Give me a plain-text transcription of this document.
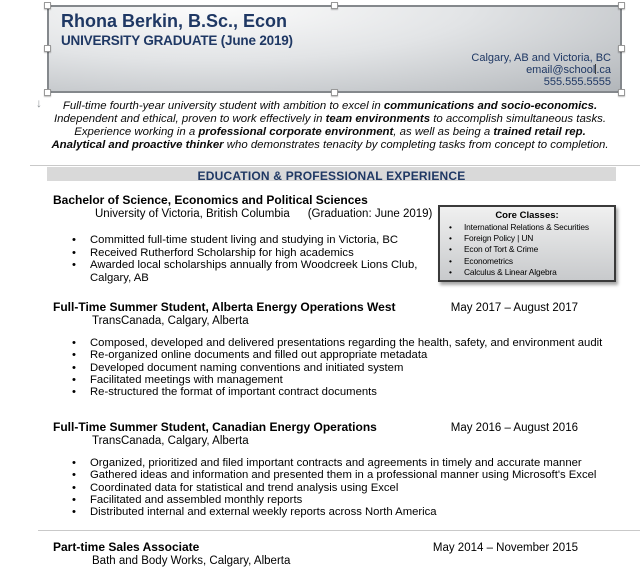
Rhona Berkin, B.Sc., Econ
UNIVERSITY GRADUATE (June 2019)
Calgary, AB and Victoria, BC
email@school.ca
555.555.5555
↓	Full-time fourth-year university student with ambition to excel in communications and socio-economics.
Independent and ethical, proven to work effectively in team environments to accomplish simultaneous tasks.
Experience working in a professional corporate environment, as well as being a trained retail rep.
Analytical and proactive thinker who demonstrates tenacity by completing tasks from concept to completion.
EDUCATION & PROFESSIONAL EXPERIENCE
Bachelor of Science, Economics and Political Sciences
University of Victoria, British Columbia (Graduation: June 2019)
• Committed full-time student living and studying in Victoria, BC
• Received Rutherford Scholarship for high academics
• Awarded local scholarships annually from Woodcreek Lions Club, Calgary, AB
Core Classes:
• International Relations & Securities
• Foreign Policy | UN
• Econ of Tort & Crime
• Econometrics
• Calculus & Linear Algebra
Full-Time Summer Student, Alberta Energy Operations West	May 2017 – August 2017
TransCanada, Calgary, Alberta
• Composed, developed and delivered presentations regarding the health, safety, and environment audit
• Re-organized online documents and filled out appropriate metadata
• Developed document naming conventions and initiated system
• Facilitated meetings with management
• Re-structured the format of important contract documents
Full-Time Summer Student, Canadian Energy Operations	May 2016 – August 2016
TransCanada, Calgary, Alberta
• Organized, prioritized and filed important contracts and agreements in timely and accurate manner
• Gathered ideas and information and presented them in a professional manner using Microsoft's Excel
• Coordinated data for statistical and trend analysis using Excel
• Facilitated and assembled monthly reports
• Distributed internal and external weekly reports across North America
Part-time Sales Associate	May 2014 – November 2015
Bath and Body Works, Calgary, Alberta
